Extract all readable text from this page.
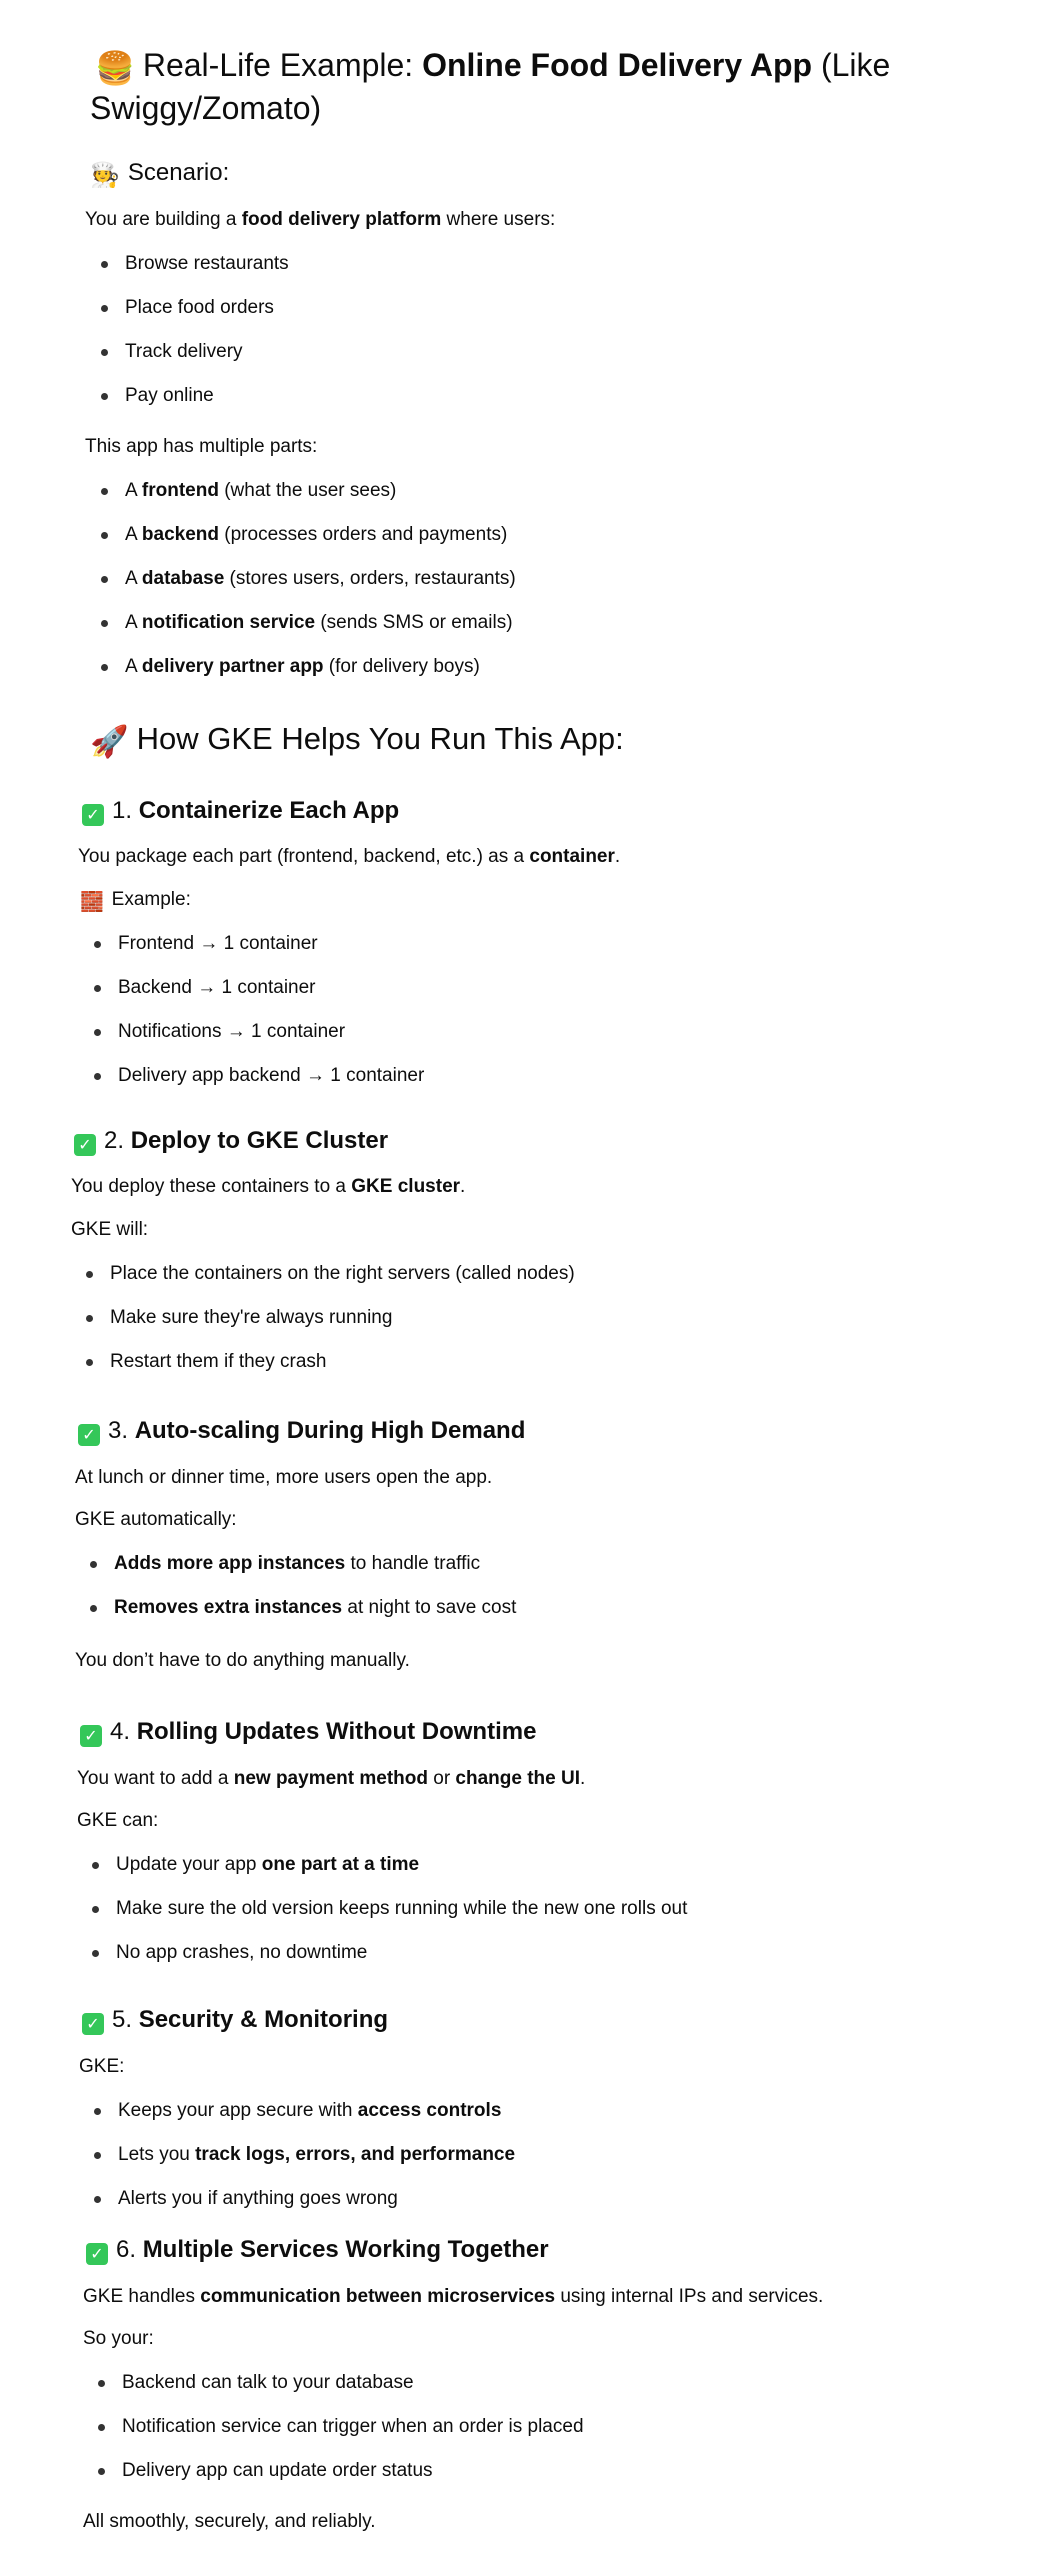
🍔 Real-Life Example: Online Food Delivery App (Like
Swiggy/Zomato)
🧑‍🍳 Scenario:

You are building a food delivery platform where users:

Browse restaurants
Place food orders
Track delivery
Pay online

This app has multiple parts:

A frontend (what the user sees)
A backend (processes orders and payments)
A database (stores users, orders, restaurants)
A notification service (sends SMS or emails)
A delivery partner app (for delivery boys)
🚀 How GKE Helps You Run This App:
✓ 1. Containerize Each App

You package each part (frontend, backend, etc.) as a container.

🧱 Example:

Frontend → 1 container
Backend → 1 container
Notifications → 1 container
Delivery app backend → 1 container
✓ 2. Deploy to GKE Cluster

You deploy these containers to a GKE cluster.

GKE will:

Place the containers on the right servers (called nodes)
Make sure they're always running
Restart them if they crash
✓ 3. Auto-scaling During High Demand

At lunch or dinner time, more users open the app.

GKE automatically:

Adds more app instances to handle traffic
Removes extra instances at night to save cost

You don’t have to do anything manually.

✓ 4. Rolling Updates Without Downtime

You want to add a new payment method or change the UI.

GKE can:

Update your app one part at a time
Make sure the old version keeps running while the new one rolls out
No app crashes, no downtime
✓ 5. Security & Monitoring

GKE:

Keeps your app secure with access controls
Lets you track logs, errors, and performance
Alerts you if anything goes wrong
✓ 6. Multiple Services Working Together

GKE handles communication between microservices using internal IPs and services.

So your:

Backend can talk to your database
Notification service can trigger when an order is placed
Delivery app can update order status

All smoothly, securely, and reliably.
